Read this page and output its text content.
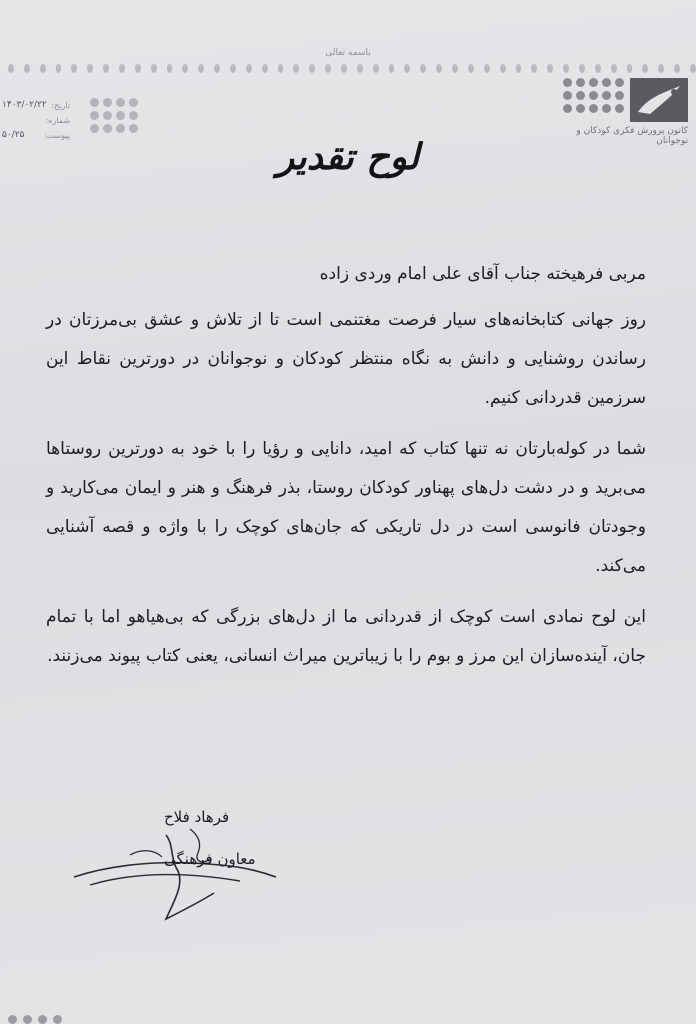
باسمه تعالی
کانون پرورش فکری کودکان و نوجوانان
تاریخ:
شماره:
پیوست:
۱۴۰۳/۰۲/۲۲

۵۰/۲۵
لوح تقدیر

مربی فرهیخته جناب آقای علی امام وردی زاده

روز جهانی کتابخانه‌های سیار فرصت مغتنمی است تا از تلاش و عشق بی‌مرزتان در رساندن روشنایی و دانش به نگاه منتظر کودکان و نوجوانان در دورترین نقاط این سرزمین قدردانی کنیم.

شما در کوله‌بارتان نه تنها کتاب که امید، دانایی و رؤیا را با خود به دورترین روستاها می‌برید و در دشت دل‌های پهناور کودکان روستا، بذر فرهنگ و هنر و ایمان می‌کارید و وجودتان فانوسی است در دل تاریکی که جان‌های کوچک را با واژه و قصه آشنایی می‌کند.

این لوح نمادی است کوچک از قدردانی ما از دل‌های بزرگی که بی‌هیاهو اما با تمام جان، آینده‌سازان این مرز و بوم را با زیباترین میراث انسانی، یعنی کتاب پیوند می‌زنند.

فرهاد فلاح
معاون فرهنگی
